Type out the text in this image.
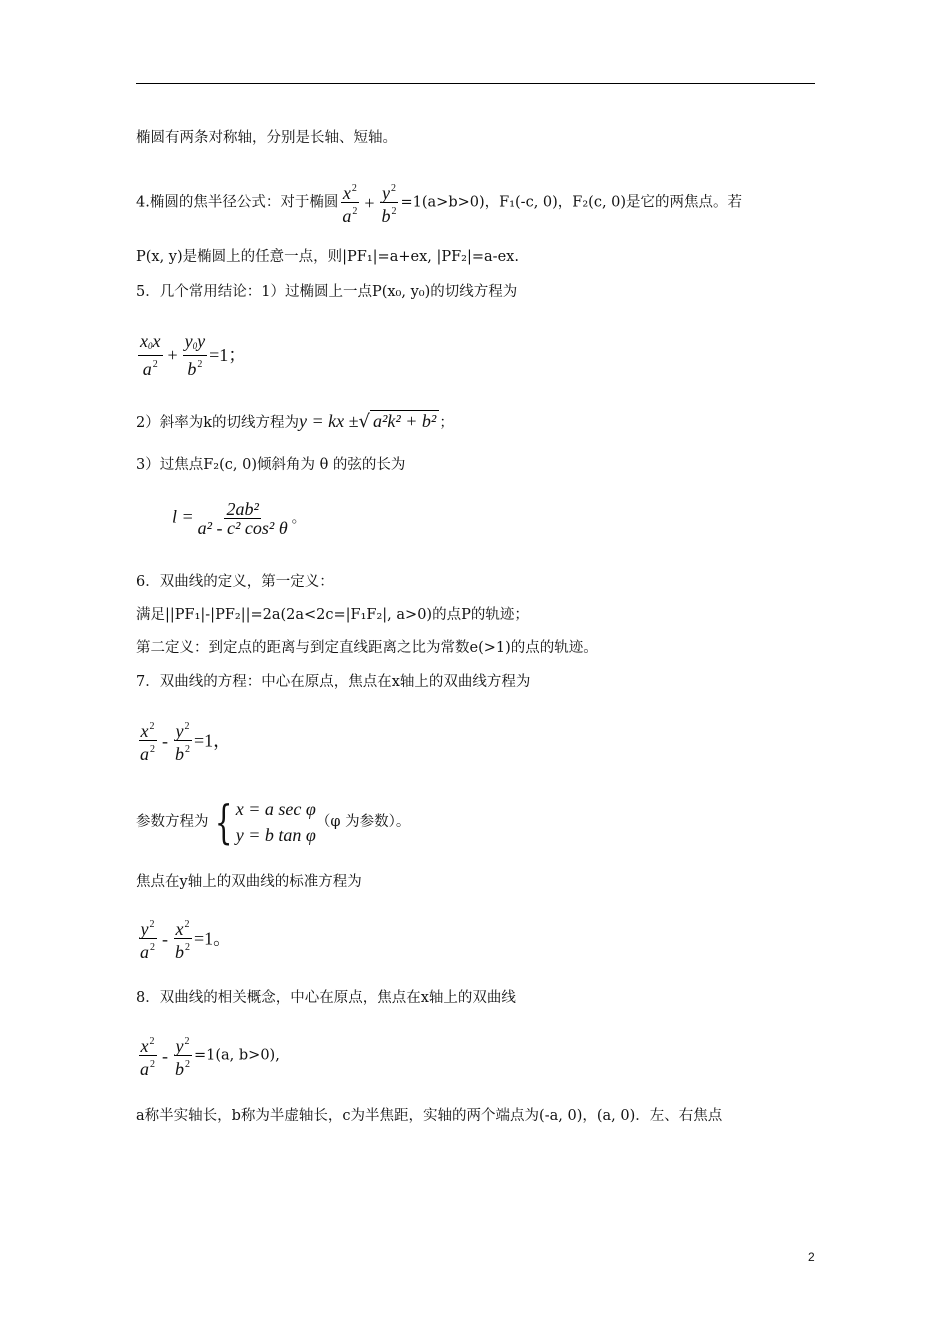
椭圆有两条对称轴，分别是长轴、短轴。
4.椭圆的焦半径公式：对于椭圆 $\frac{x^2}{a^2} + \frac{y^2}{b^2} =1(a>b>0)$，F₁(-c, 0)，F₂(c, 0)是它的两焦点。若
P(x, y)是椭圆上的任意一点，则|PF₁|=a+ex, |PF₂|=a-ex.
5．几个常用结论：1）过椭圆上一点P(x₀, y₀)的切线方程为
$\frac{x_0x}{a^2} + \frac{y_0y}{b^2} =1$；
2）斜率为k的切线方程为y = kx ±√ a²k² + b² ；
3）过焦点F₂(c, 0)倾斜角为 θ 的弦的长为
$l = \frac{\text{2ab²}}{\text{a² - c² cos² θ}}$ 。
6．双曲线的定义，第一定义：
满足||PF₁|-|PF₂||=2a(2a<2c=|F₁F₂|, a>0)的点P的轨迹；
第二定义：到定点的距离与到定直线距离之比为常数e(>1)的点的轨迹。
7．双曲线的方程：中心在原点，焦点在x轴上的双曲线方程为
$\frac{x^2}{a^2} - \frac{y^2}{b^2} =1$，
参数方程为 { x = a sec φ
y = b tan φ
（φ 为参数）。
焦点在y轴上的双曲线的标准方程为
$\frac{y^2}{a^2} - \frac{x^2}{b^2} =1$。
8．双曲线的相关概念，中心在原点，焦点在x轴上的双曲线
$\frac{x^2}{a^2} - \frac{y^2}{b^2} =1(a$, b>0),
a称半实轴长，b称为半虚轴长，c为半焦距，实轴的两个端点为(-a, 0)，(a, 0)．左、右焦点
2
